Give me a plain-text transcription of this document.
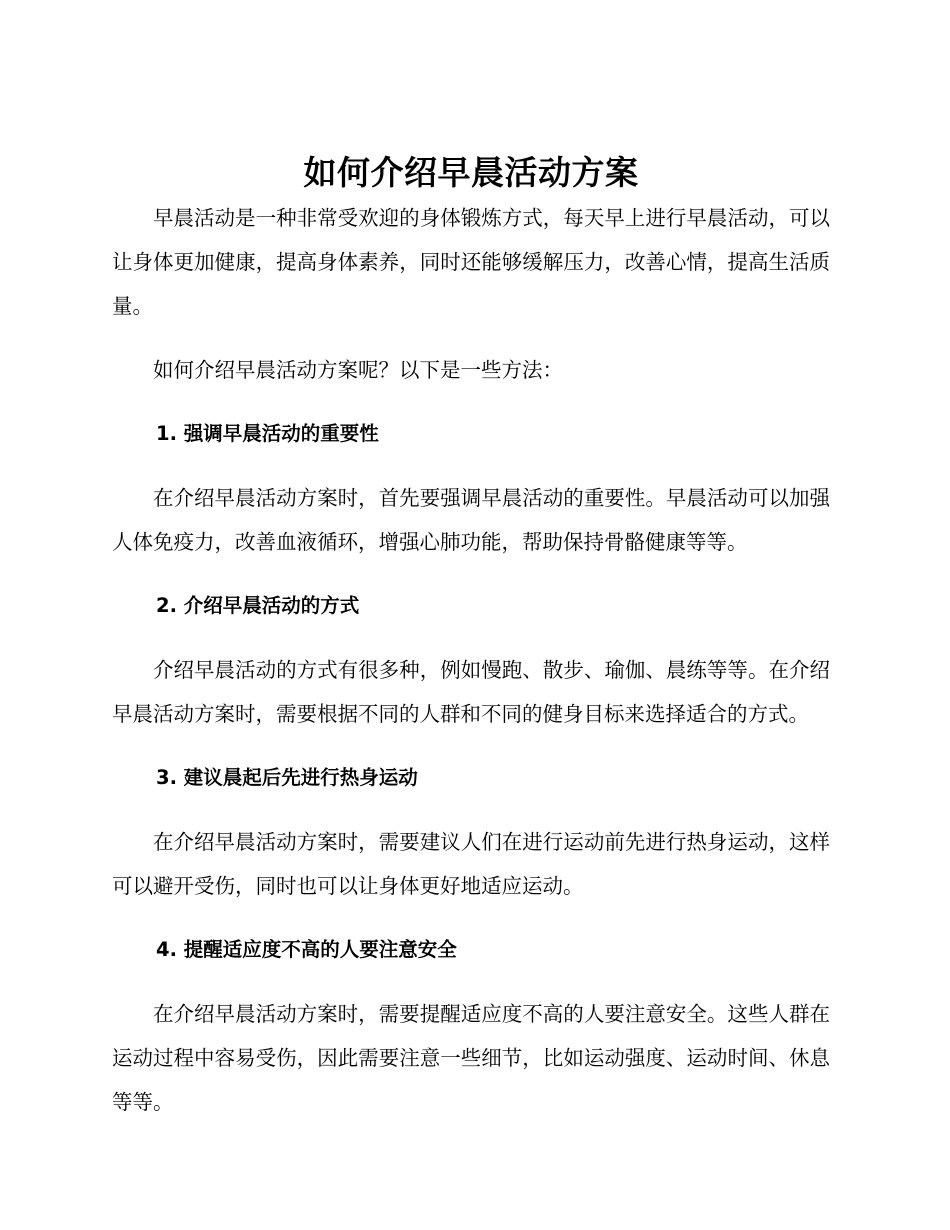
如何介绍早晨活动方案

早晨活动是一种非常受欢迎的身体锻炼方式，每天早上进行早晨活动，可以让身体更加健康，提高身体素养，同时还能够缓解压力，改善心情，提高生活质量。

如何介绍早晨活动方案呢？以下是一些方法：

1. 强调早晨活动的重要性

在介绍早晨活动方案时，首先要强调早晨活动的重要性。早晨活动可以加强人体免疫力，改善血液循环，增强心肺功能，帮助保持骨骼健康等等。

2. 介绍早晨活动的方式

介绍早晨活动的方式有很多种，例如慢跑、散步、瑜伽、晨练等等。在介绍早晨活动方案时，需要根据不同的人群和不同的健身目标来选择适合的方式。

3. 建议晨起后先进行热身运动

在介绍早晨活动方案时，需要建议人们在进行运动前先进行热身运动，这样可以避开受伤，同时也可以让身体更好地适应运动。

4. 提醒适应度不高的人要注意安全

在介绍早晨活动方案时，需要提醒适应度不高的人要注意安全。这些人群在运动过程中容易受伤，因此需要注意一些细节，比如运动强度、运动时间、休息等等。
